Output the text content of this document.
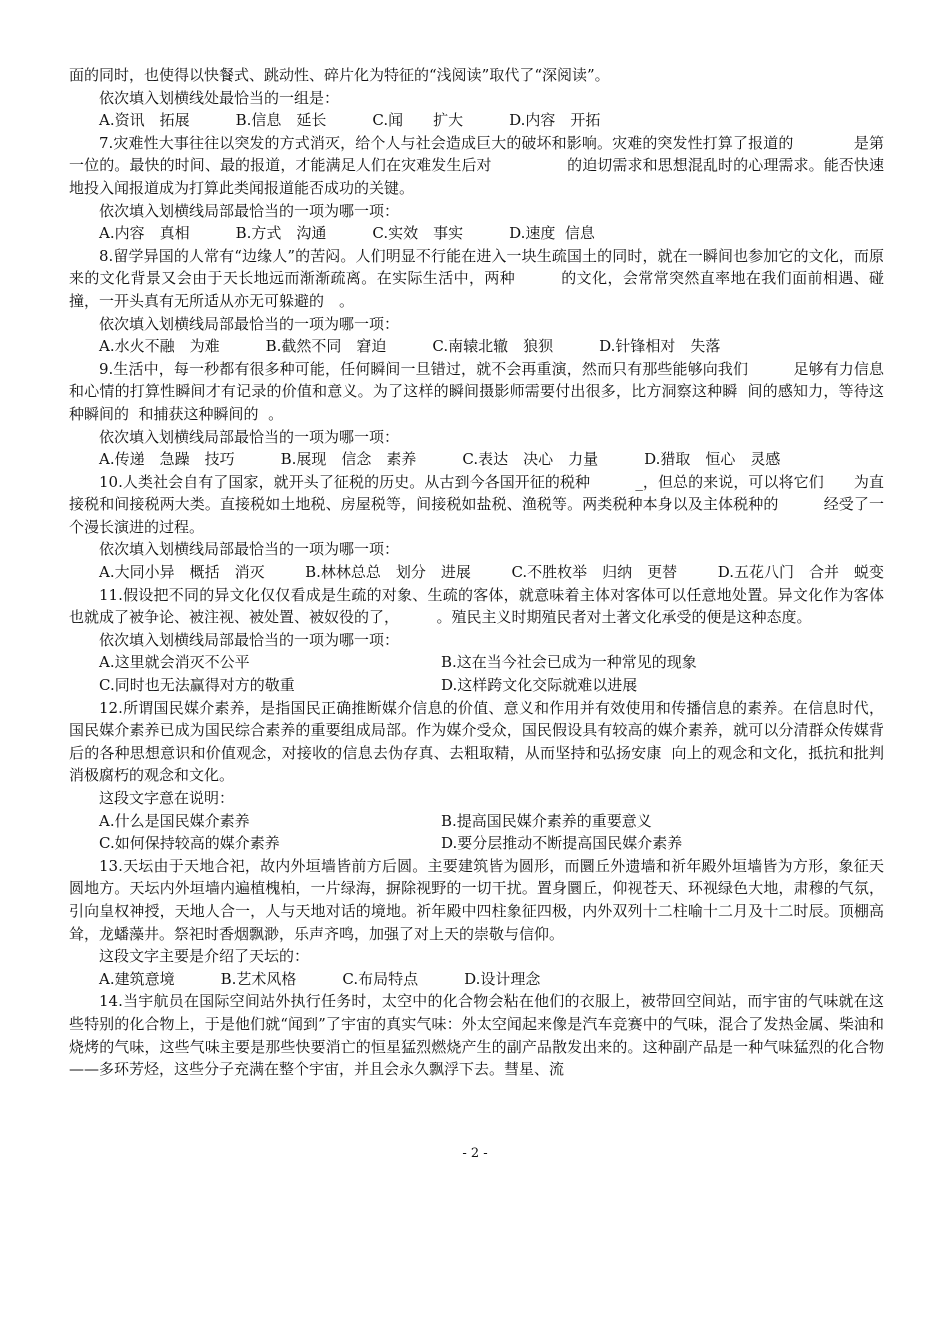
面的同时，也使得以快餐式、跳动性、碎片化为特征的“浅阅读”取代了“深阅读”。

依次填入划横线处最恰当的一组是：

A.资讯　拓展	B.信息　延长	C.闻　　扩大	D.内容　开拓

7.灾难性大事往往以突发的方式消灭，给个人与社会造成巨大的破坏和影响。灾难的突发性打算了报道的　　　　是第一位的。最快的时间、最的报道，才能满足人们在灾难发生后对　　　　　的迫切需求和思想混乱时的心理需求。能否快速地投入闻报道成为打算此类闻报道能否成功的关键。

依次填入划横线局部最恰当的一项为哪一项：

A.内容　真相	B.方式　沟通	C.实效　事实	D.速度  信息

8.留学异国的人常有“边缘人”的苦闷。人们明显不行能在进入一块生疏国土的同时，就在一瞬间也参加它的文化，而原来的文化背景又会由于天长地远而渐渐疏离。在实际生活中，两种　　　的文化，会常常突然直率地在我们面前相遇、碰撞，一开头真有无所适从亦无可躲避的　。

依次填入划横线局部最恰当的一项为哪一项：

A.水火不融　为难	B.截然不同　窘迫	C.南辕北辙　狼狈	D.针锋相对　失落

9.生活中，每一秒都有很多种可能，任何瞬间一旦错过，就不会再重演，然而只有那些能够向我们　　　足够有力信息和心情的打算性瞬间才有记录的价值和意义。为了这样的瞬间摄影师需要付出很多，比方洞察这种瞬  间的感知力，等待这种瞬间的  和捕获这种瞬间的  。

依次填入划横线局部最恰当的一项为哪一项：

A.传递　急躁　技巧	B.展现　信念　素养	C.表达　决心　力量	D.猎取　恒心　灵感

10.人类社会自有了国家，就开头了征税的历史。从古到今各国开征的税种　　　_，但总的来说，可以将它们　　为直接税和间接税两大类。直接税如土地税、房屋税等，间接税如盐税、渔税等。两类税种本身以及主体税种的　　　经受了一个漫长演进的过程。

依次填入划横线局部最恰当的一项为哪一项：

A.大同小异　概括　消灭	B.林林总总　划分　进展	C.不胜枚举　归纳　更替	D.五花八门　合并　蜕变

11.假设把不同的异文化仅仅看成是生疏的对象、生疏的客体，就意味着主体对客体可以任意地处置。异文化作为客体也就成了被争论、被注视、被处置、被奴役的了，　　　。殖民主义时期殖民者对土著文化承受的便是这种态度。

依次填入划横线局部最恰当的一项为哪一项：

A.这里就会消灭不公平	B.这在当今社会已成为一种常见的现象
C.同时也无法赢得对方的敬重	D.这样跨文化交际就难以进展

12.所谓国民媒介素养，是指国民正确推断媒介信息的价值、意义和作用并有效使用和传播信息的素养。在信息时代，国民媒介素养已成为国民综合素养的重要组成局部。作为媒介受众，国民假设具有较高的媒介素养，就可以分清群众传媒背后的各种思想意识和价值观念，对接收的信息去伪存真、去粗取精，从而坚持和弘扬安康  向上的观念和文化，抵抗和批判消极腐朽的观念和文化。

这段文字意在说明：

A.什么是国民媒介素养	B.提高国民媒介素养的重要意义
C.如何保持较高的媒介素养	D.要分层推动不断提高国民媒介素养

13.天坛由于天地合祀，故内外垣墙皆前方后圆。主要建筑皆为圆形，而圜丘外遗墙和祈年殿外垣墙皆为方形，象征天圆地方。天坛内外垣墙内遍植槐柏，一片绿海，摒除视野的一切干扰。置身圜丘，仰视苍天、环视绿色大地，肃穆的气氛，引向皇权神授，天地人合一，人与天地对话的境地。祈年殿中四柱象征四极，内外双列十二柱喻十二月及十二时辰。顶棚高耸，龙蟠藻井。祭祀时香烟飘渺，乐声齐鸣，加强了对上天的崇敬与信仰。

这段文字主要是介绍了天坛的：

A.建筑意境	B.艺术风格	C.布局特点	D.设计理念

14.当宇航员在国际空间站外执行任务时，太空中的化合物会粘在他们的衣服上，被带回空间站，而宇宙的气味就在这些特别的化合物上，于是他们就“闻到”了宇宙的真实气味：外太空闻起来像是汽车竞赛中的气味，混合了发热金属、柴油和烧烤的气味，这些气味主要是那些快要消亡的恒星猛烈燃烧产生的副产品散发出来的。这种副产品是一种气味猛烈的化合物——多环芳烃，这些分子充满在整个宇宙，并且会永久飘浮下去。彗星、流

- 2 -
